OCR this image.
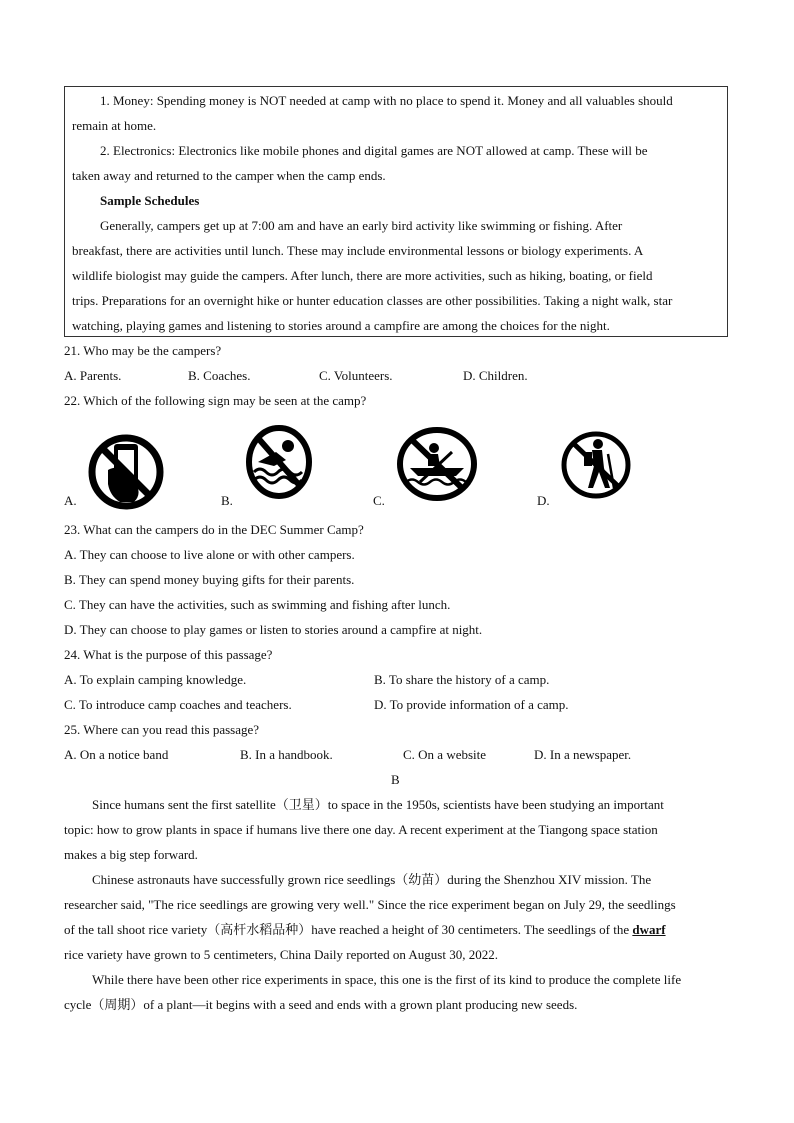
1. Money: Spending money is NOT needed at camp with no place to spend it. Money and all valuables should
remain at home.
2. Electronics: Electronics like mobile phones and digital games are NOT allowed at camp. These will be
taken away and returned to the camper when the camp ends.
Sample Schedules
Generally, campers get up at 7:00 am and have an early bird activity like swimming or fishing. After
breakfast, there are activities until lunch. These may include environmental lessons or biology experiments. A
wildlife biologist may guide the campers. After lunch, there are more activities, such as hiking, boating, or field
trips. Preparations for an overnight hike or hunter education classes are other possibilities. Taking a night walk, star
watching, playing games and listening to stories around a campfire are among the choices for the night.
21. Who may be the campers?
A. Parents.	B. Coaches.	C. Volunteers.	D. Children.
22. Which of the following sign may be seen at the camp?
A.	B.	C.	D.
23. What can the campers do in the DEC Summer Camp?
A. They can choose to live alone or with other campers.
B. They can spend money buying gifts for their parents.
C. They can have the activities, such as swimming and fishing after lunch.
D. They can choose to play games or listen to stories around a campfire at night.
24. What is the purpose of this passage?
A. To explain camping knowledge.	B. To share the history of a camp.
C. To introduce camp coaches and teachers.	D. To provide information of a camp.
25. Where can you read this passage?
A. On a notice band	B. In a handbook.	C. On a website	D. In a newspaper.
B
Since humans sent the first satellite（卫星）to space in the 1950s, scientists have been studying an important
topic: how to grow plants in space if humans live there one day. A recent experiment at the Tiangong space station
makes a big step forward.
Chinese astronauts have successfully grown rice seedlings（幼苗）during the Shenzhou XIV mission. The
researcher said, "The rice seedlings are growing very well." Since the rice experiment began on July 29, the seedlings
of the tall shoot rice variety（高杆水稻品种）have reached a height of 30 centimeters. The seedlings of the dwarf
rice variety have grown to 5 centimeters, China Daily reported on August 30, 2022.
While there have been other rice experiments in space, this one is the first of its kind to produce the complete life
cycle（周期）of a plant—it begins with a seed and ends with a grown plant producing new seeds.
